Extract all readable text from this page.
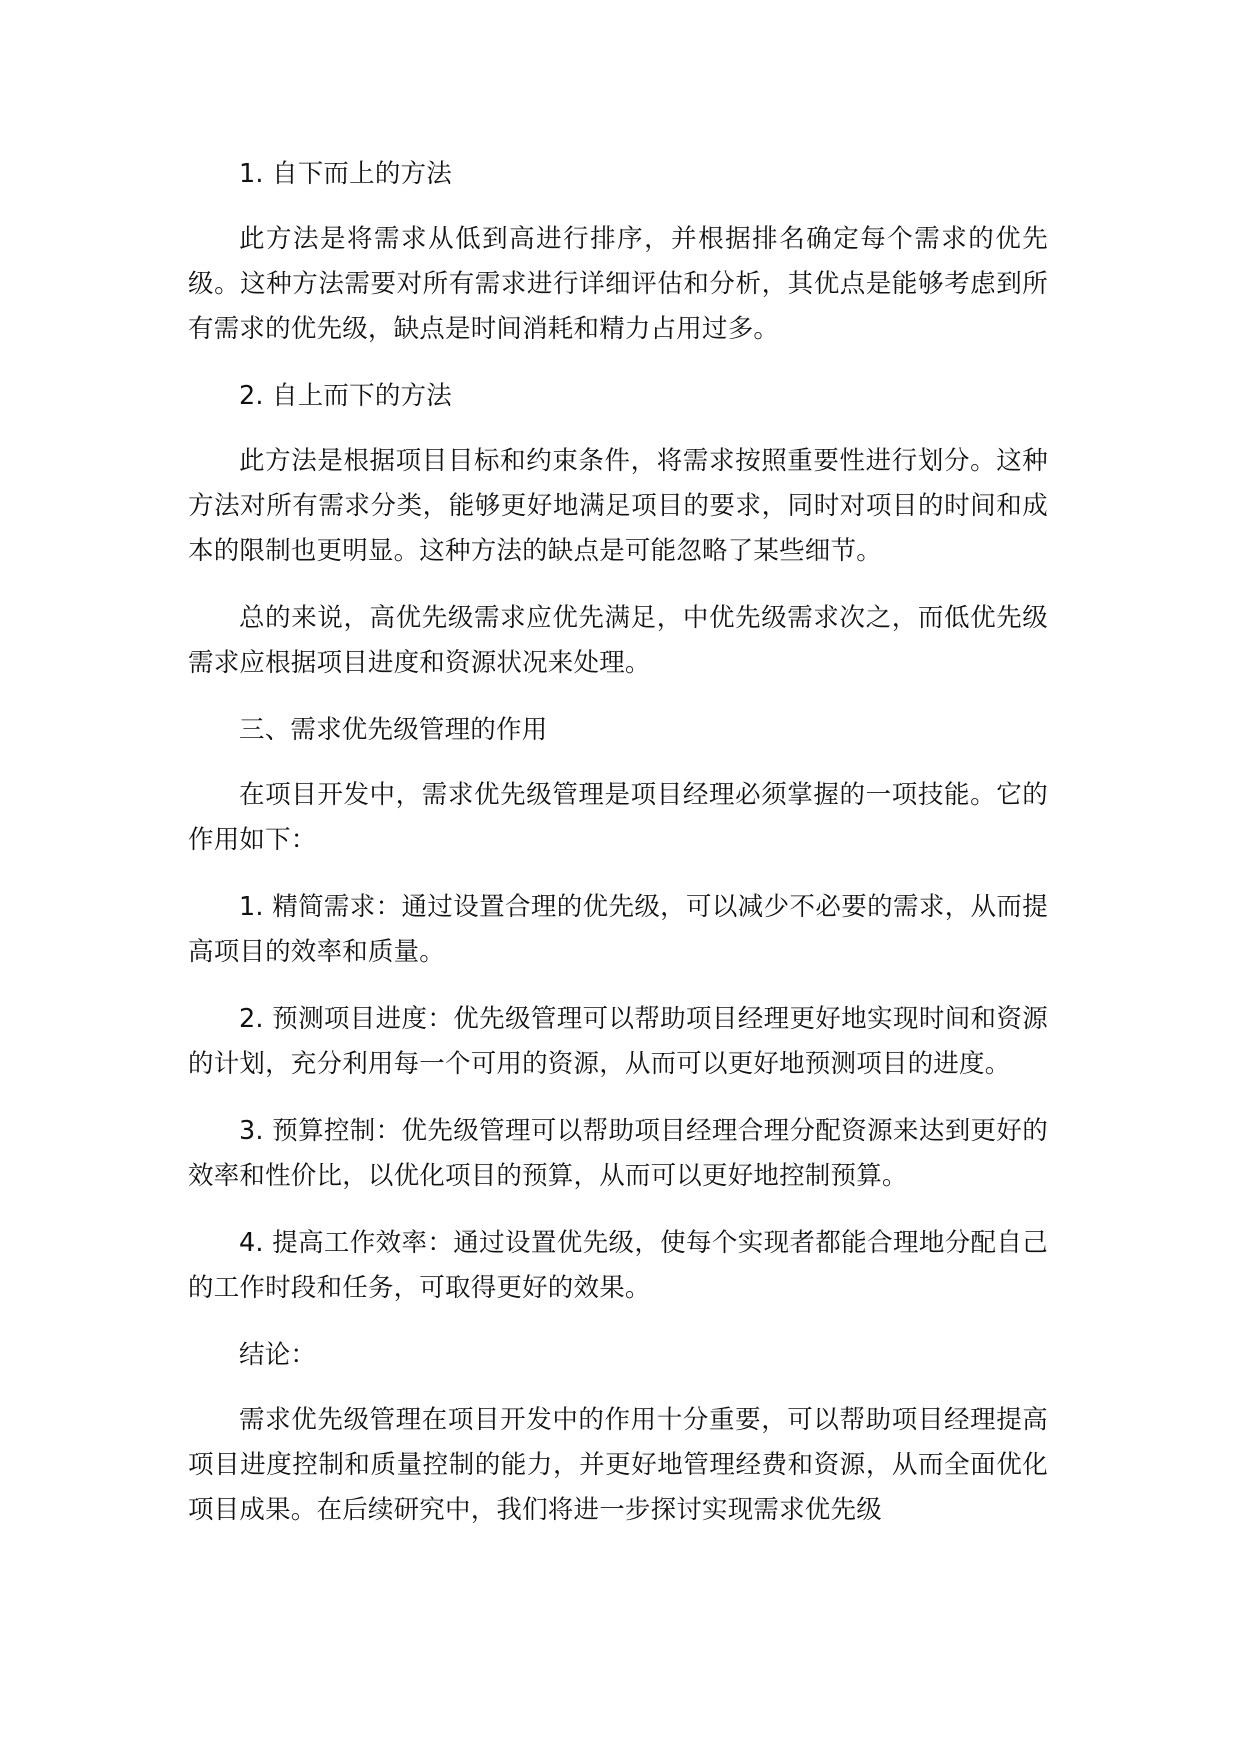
1. 自下而上的方法

此方法是将需求从低到高进行排序，并根据排名确定每个需求的优先级。这种方法需要对所有需求进行详细评估和分析，其优点是能够考虑到所有需求的优先级，缺点是时间消耗和精力占用过多。

2. 自上而下的方法

此方法是根据项目目标和约束条件，将需求按照重要性进行划分。这种方法对所有需求分类，能够更好地满足项目的要求，同时对项目的时间和成本的限制也更明显。这种方法的缺点是可能忽略了某些细节。

总的来说，高优先级需求应优先满足，中优先级需求次之，而低优先级需求应根据项目进度和资源状况来处理。

三、需求优先级管理的作用

在项目开发中，需求优先级管理是项目经理必须掌握的一项技能。它的作用如下：

1. 精简需求：通过设置合理的优先级，可以减少不必要的需求，从而提高项目的效率和质量。

2. 预测项目进度：优先级管理可以帮助项目经理更好地实现时间和资源的计划，充分利用每一个可用的资源，从而可以更好地预测项目的进度。

3. 预算控制：优先级管理可以帮助项目经理合理分配资源来达到更好的效率和性价比，以优化项目的预算，从而可以更好地控制预算。

4. 提高工作效率：通过设置优先级，使每个实现者都能合理地分配自己的工作时段和任务，可取得更好的效果。

结论：

需求优先级管理在项目开发中的作用十分重要，可以帮助项目经理提高项目进度控制和质量控制的能力，并更好地管理经费和资源，从而全面优化项目成果。在后续研究中，我们将进一步探讨实现需求优先级
